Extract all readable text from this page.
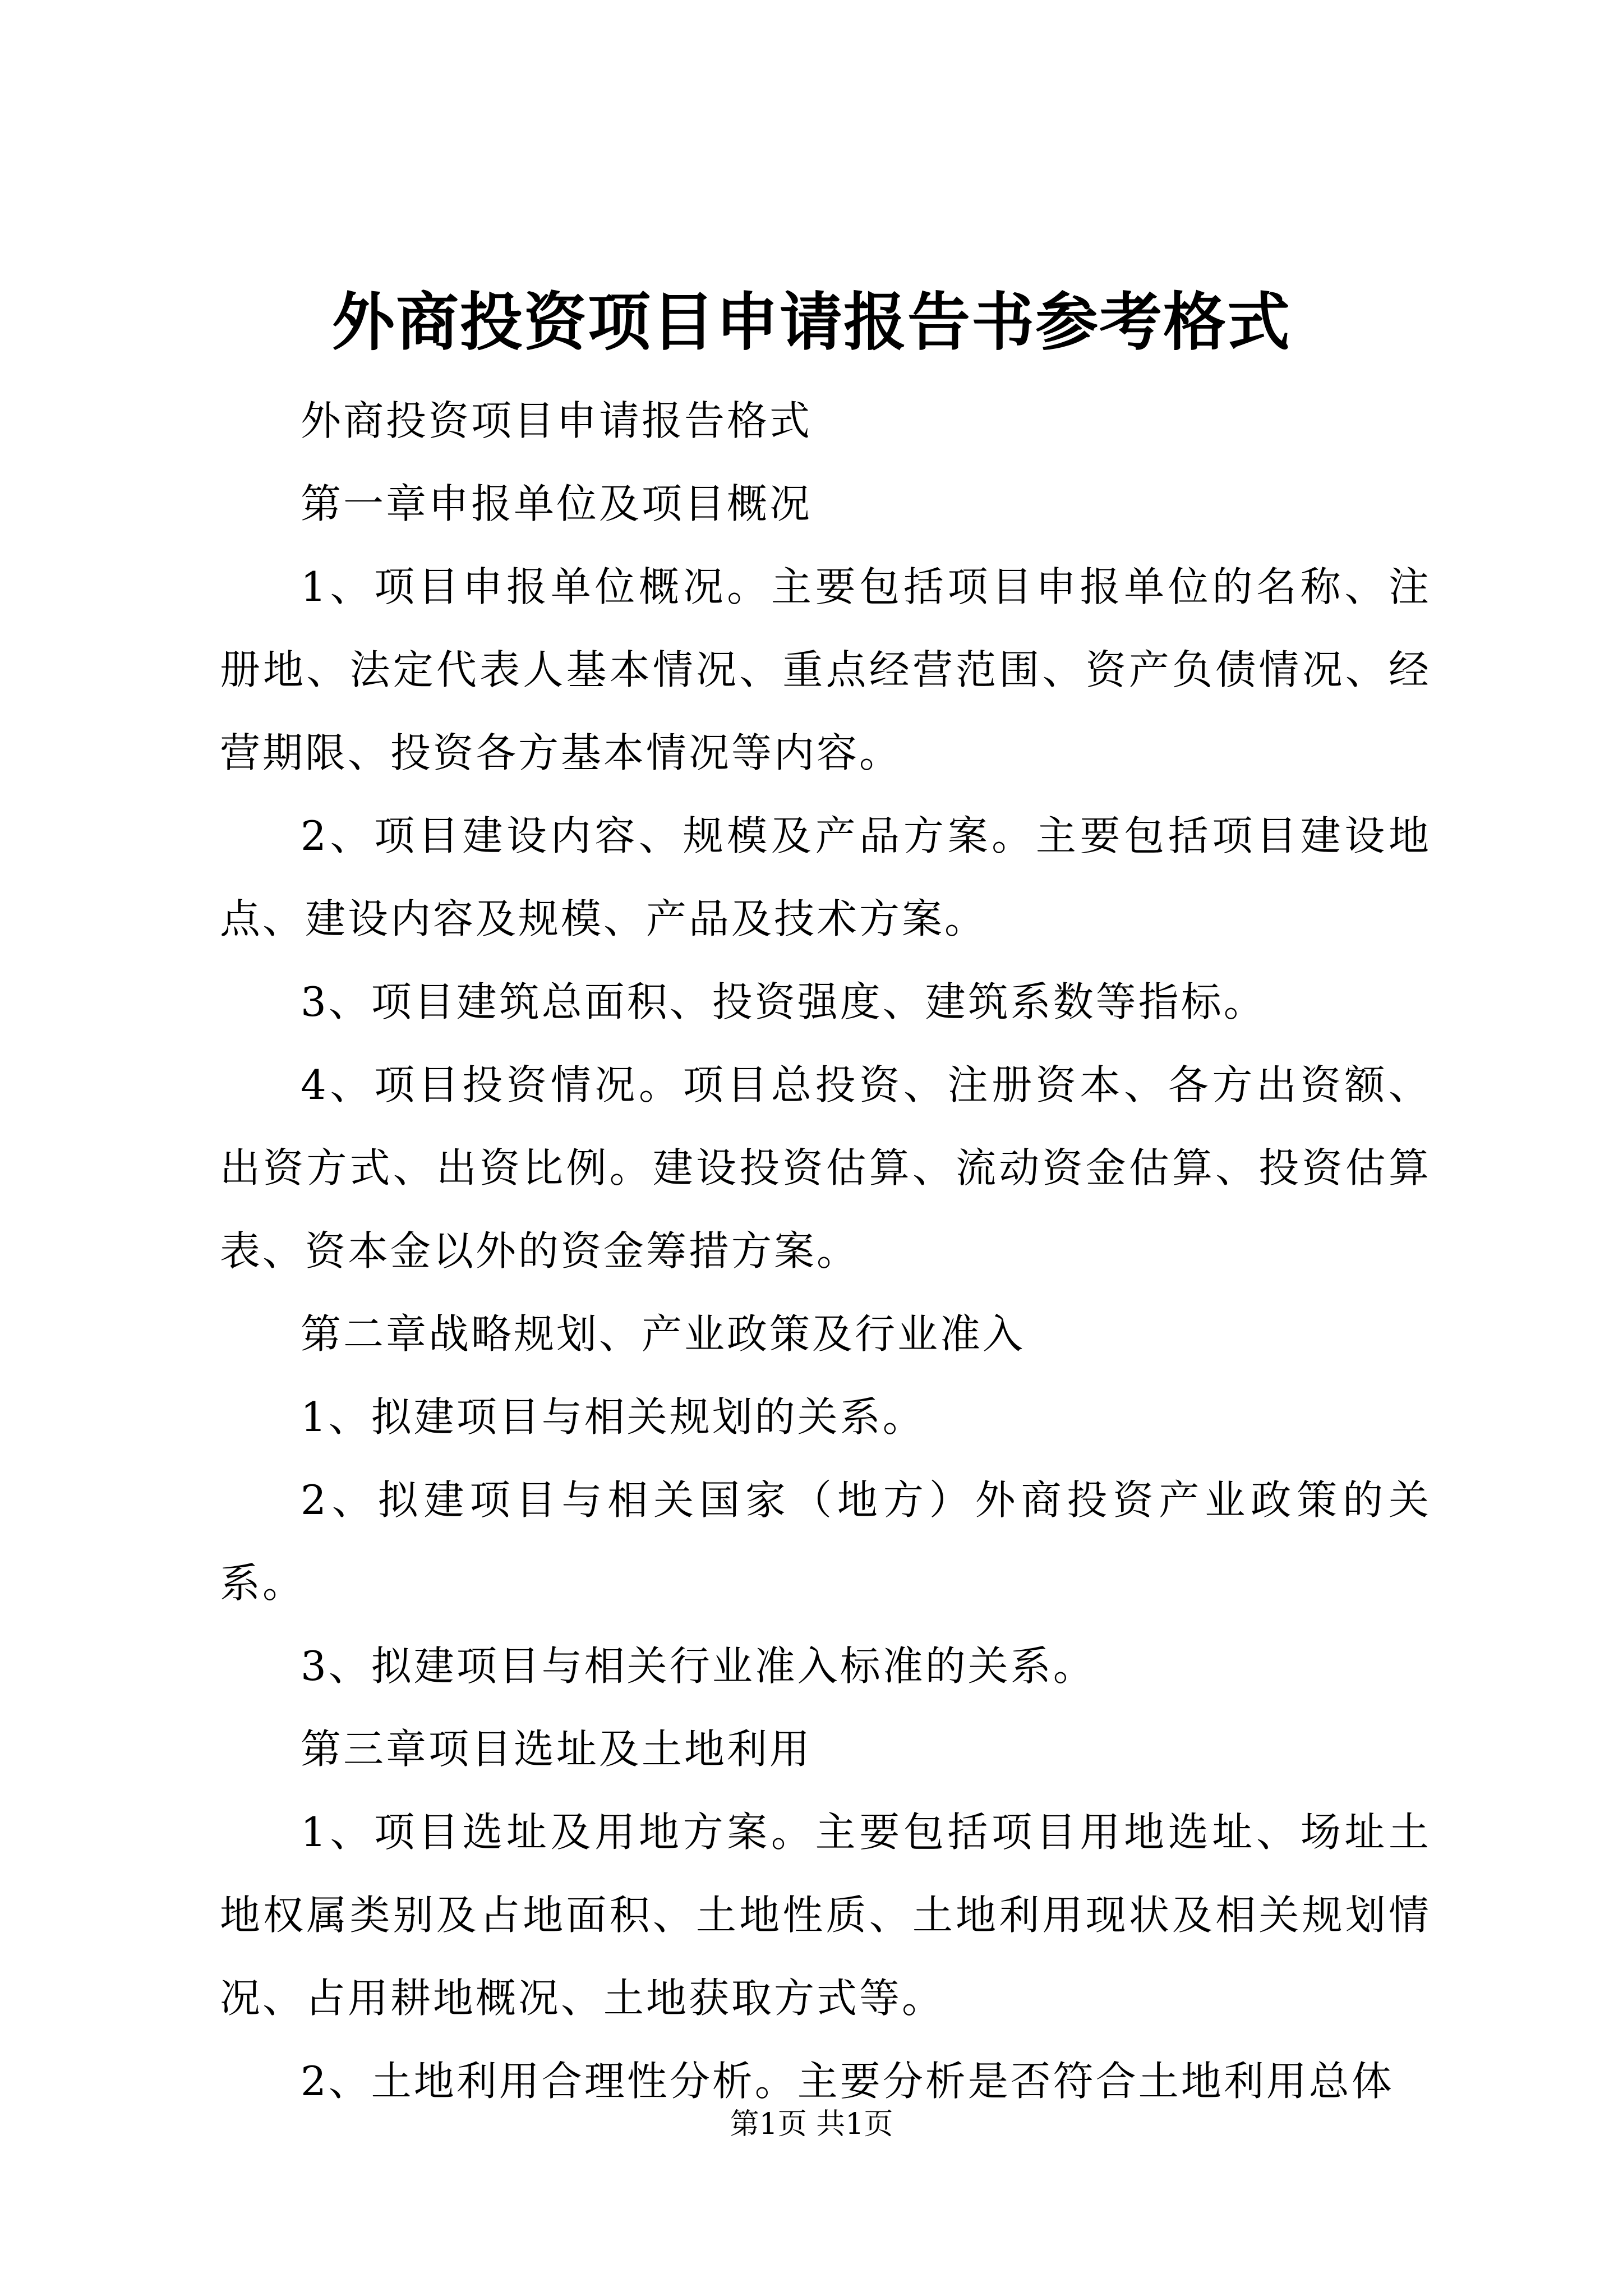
外商投资项目申请报告书参考格式

外商投资项目申请报告格式

第一章申报单位及项目概况

1、项目申报单位概况。主要包括项目申报单位的名称、注册地、法定代表人基本情况、重点经营范围、资产负债情况、经营期限、投资各方基本情况等内容。

2、项目建设内容、规模及产品方案。主要包括项目建设地点、建设内容及规模、产品及技术方案。

3、项目建筑总面积、投资强度、建筑系数等指标。

4、项目投资情况。项目总投资、注册资本、各方出资额、出资方式、出资比例。建设投资估算、流动资金估算、投资估算表、资本金以外的资金筹措方案。

第二章战略规划、产业政策及行业准入

1、拟建项目与相关规划的关系。

2、拟建项目与相关国家（地方）外商投资产业政策的关系。

3、拟建项目与相关行业准入标准的关系。

第三章项目选址及土地利用

1、项目选址及用地方案。主要包括项目用地选址、场址土地权属类别及占地面积、土地性质、土地利用现状及相关规划情况、占用耕地概况、土地获取方式等。

2、土地利用合理性分析。主要分析是否符合土地利用总体

第1页 共1页
